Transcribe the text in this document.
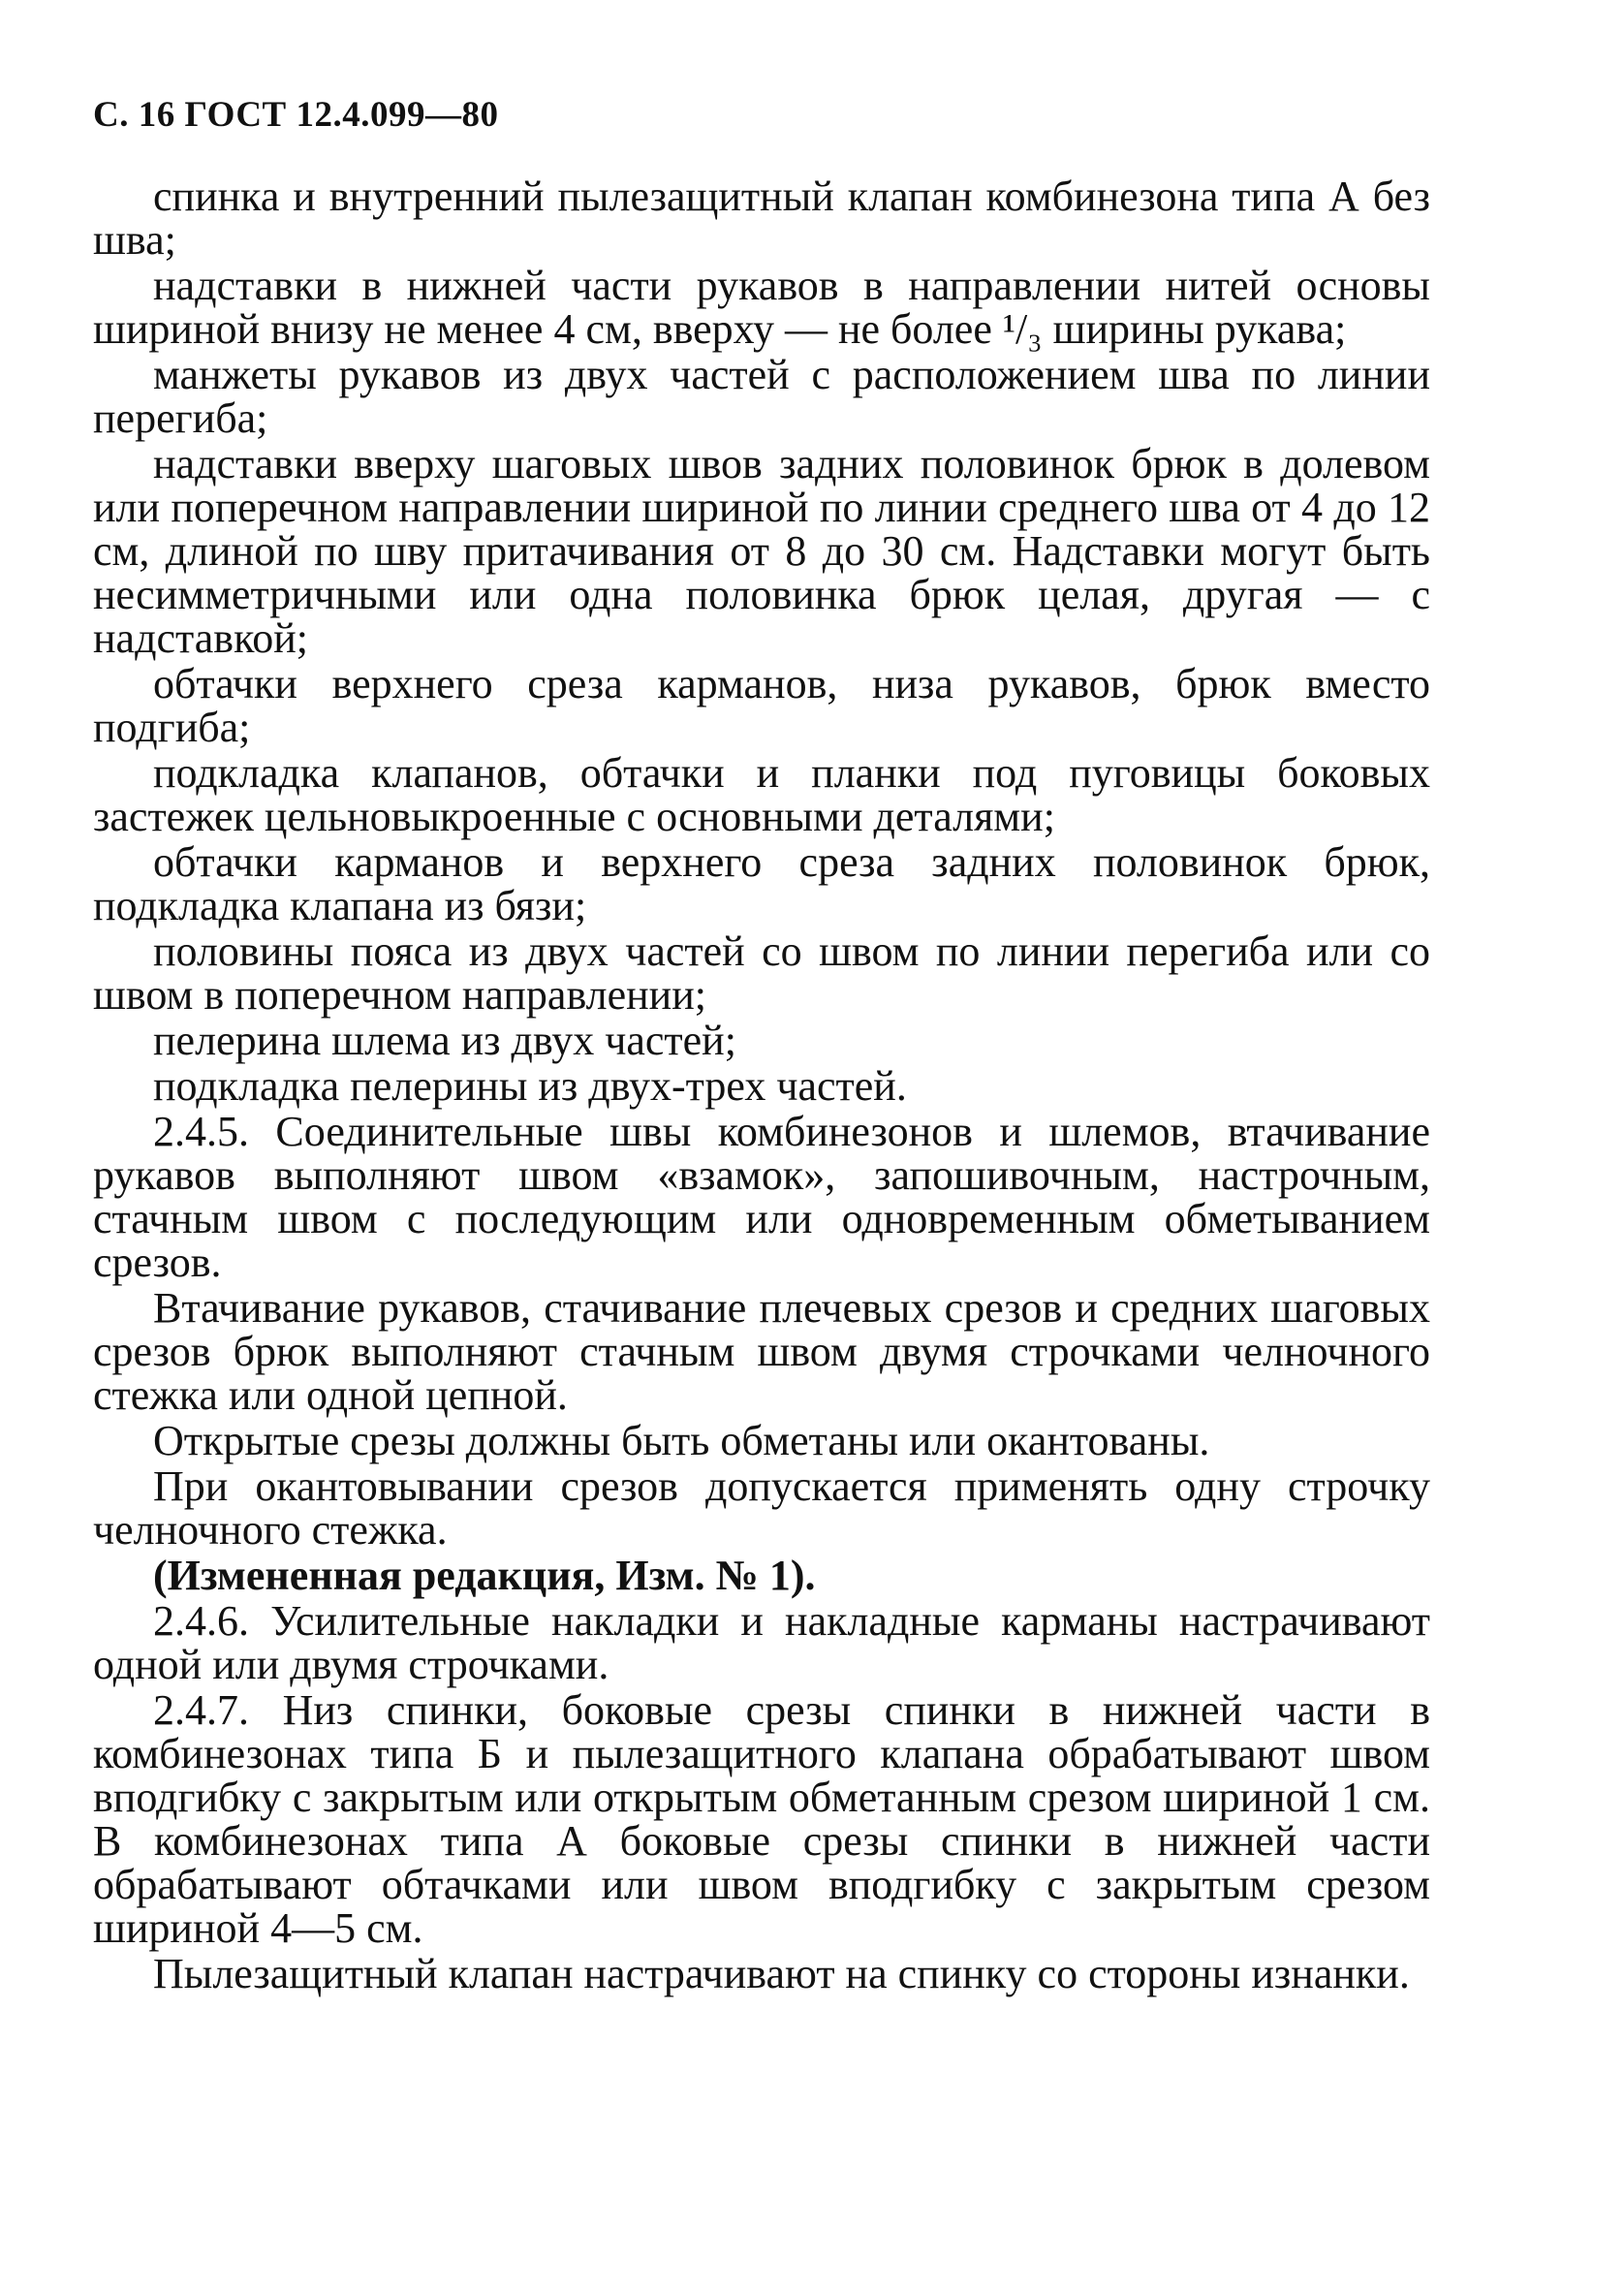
С. 16 ГОСТ 12.4.099—80

спинка и внутренний пылезащитный клапан комбинезона типа А без шва;

надставки в нижней части рукавов в направлении нитей основы шириной внизу не менее 4 см, вверху — не более ¹/₃ ширины рукава;

манжеты рукавов из двух частей с расположением шва по линии перегиба;

надставки вверху шаговых швов задних половинок брюк в долевом или поперечном направлении шириной по линии среднего шва от 4 до 12 см, длиной по шву притачивания от 8 до 30 см. Надставки могут быть несимметричными или одна половинка брюк целая, другая — с надставкой;

обтачки верхнего среза карманов, низа рукавов, брюк вместо подгиба;

подкладка клапанов, обтачки и планки под пуговицы боковых застежек цельновыкроенные с основными деталями;

обтачки карманов и верхнего среза задних половинок брюк, подкладка клапана из бязи;

половины пояса из двух частей со швом по линии перегиба или со швом в поперечном направлении;

пелерина шлема из двух частей;

подкладка пелерины из двух-трех частей.

2.4.5. Соединительные швы комбинезонов и шлемов, втачивание рукавов выполняют швом «взамок», запошивочным, настрочным, стачным швом с последующим или одновременным обметыванием срезов.

Втачивание рукавов, стачивание плечевых срезов и средних шаговых срезов брюк выполняют стачным швом двумя строчками челночного стежка или одной цепной.

Открытые срезы должны быть обметаны или окантованы.

При окантовывании срезов допускается применять одну строчку челночного стежка.

(Измененная редакция, Изм. № 1).

2.4.6. Усилительные накладки и накладные карманы настрачивают одной или двумя строчками.

2.4.7. Низ спинки, боковые срезы спинки в нижней части в комбинезонах типа Б и пылезащитного клапана обрабатывают швом вподгибку с закрытым или открытым обметанным срезом шириной 1 см. В комбинезонах типа А боковые срезы спинки в нижней части обрабатывают обтачками или швом вподгибку с закрытым срезом шириной 4—5 см.

Пылезащитный клапан настрачивают на спинку со стороны изнанки.
